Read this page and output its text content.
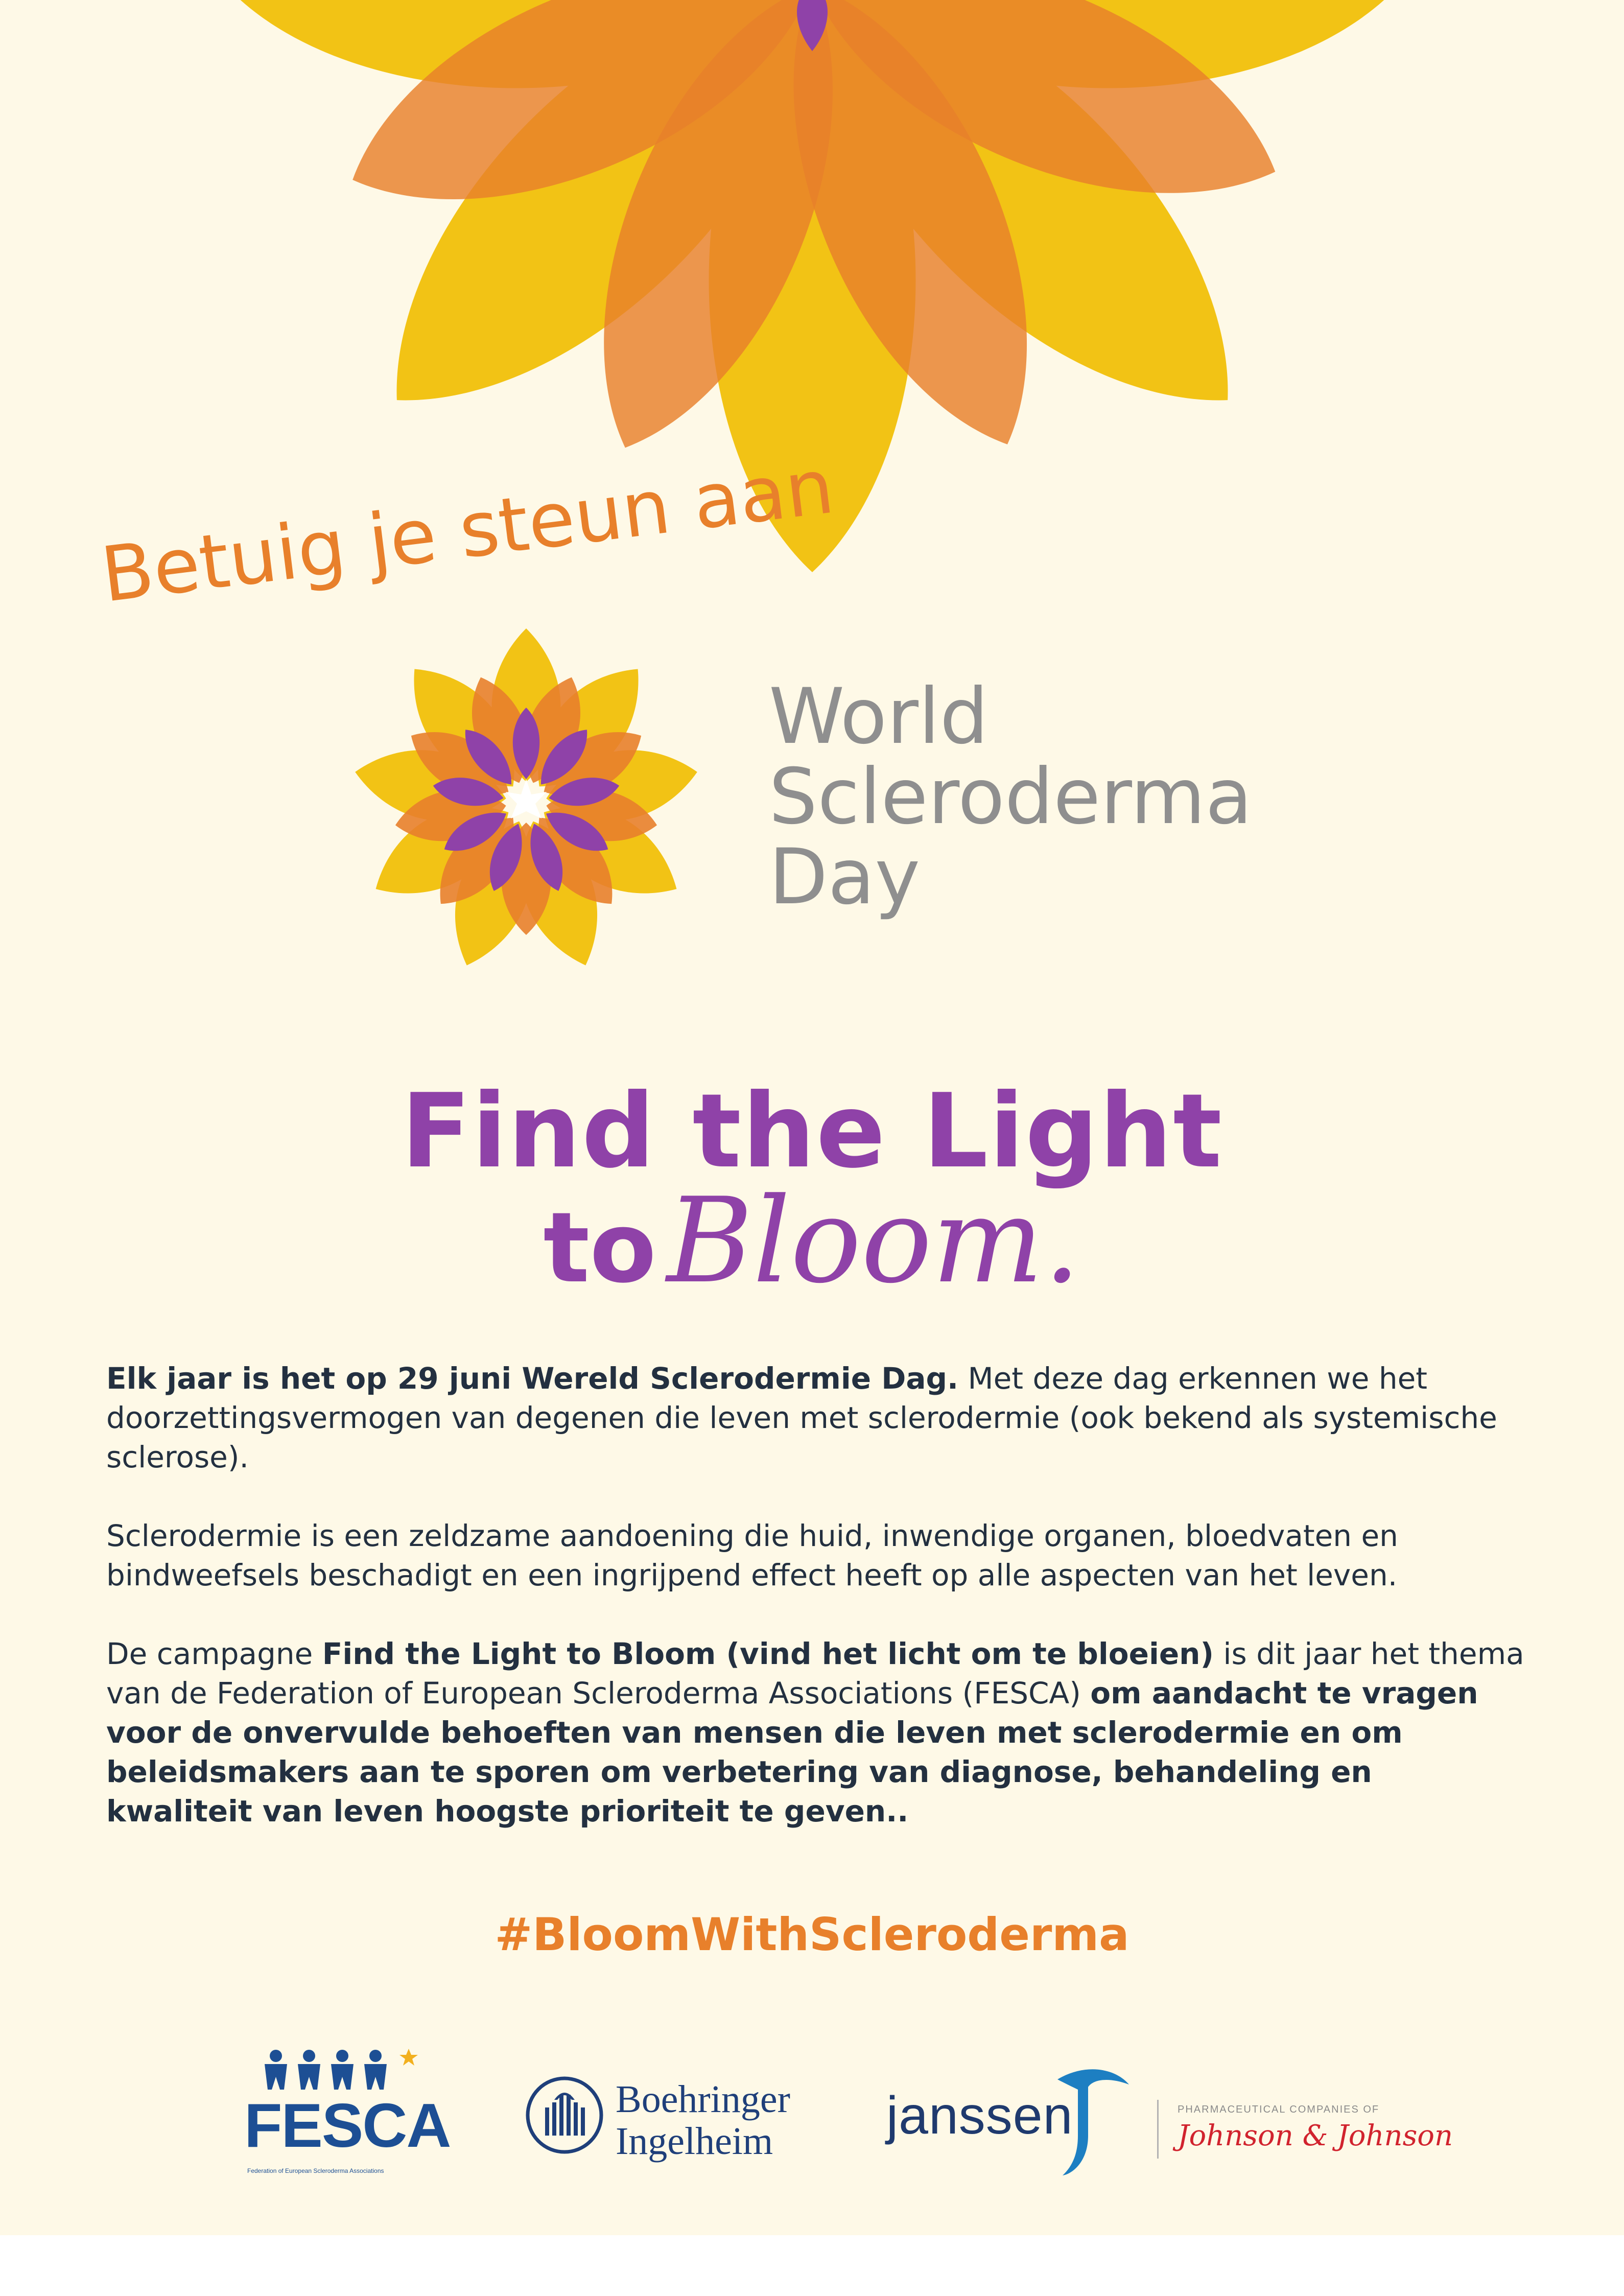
Betuig je steun aan
World
Scleroderma
Day
Find the Light
toBloom.

Elk jaar is het op 29 juni Wereld Sclerodermie Dag. Met deze dag erkennen we het doorzettingsvermogen van degenen die leven met sclerodermie (ook bekend als systemische sclerose).

Sclerodermie is een zeldzame aandoening die huid, inwendige organen, bloedvaten en bindweefsels beschadigt en een ingrijpend effect heeft op alle aspecten van het leven.

De campagne Find the Light to Bloom (vind het licht om te bloeien) is dit jaar het thema van de Federation of European Scleroderma Associations (FESCA) om aandacht te vragen voor de onvervulde behoeften van mensen die leven met sclerodermie en om beleidsmakers aan te sporen om verbetering van diagnose, behandeling en kwaliteit van leven hoogste prioriteit te geven..

#BloomWithScleroderma
FESCA
Federation of European Scleroderma Associations
Boehringer
Ingelheim	janssen	PHARMACEUTICAL COMPANIES OF
Johnson & Johnson
